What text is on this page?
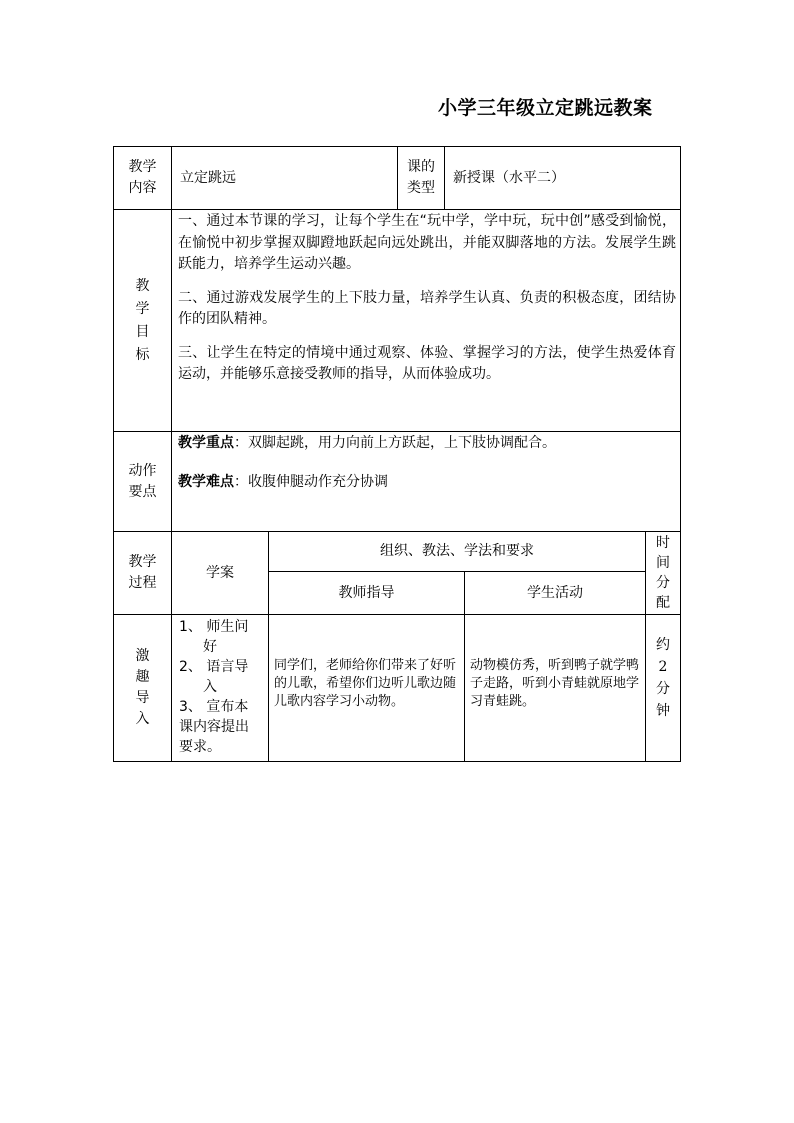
小学三年级立定跳远教案
教学
内容
立定跳远
课的
类型
新授课（水平二）
教
学
目
标

一、通过本节课的学习，让每个学生在“玩中学，学中玩，玩中创”感受到愉悦，在愉悦中初步掌握双脚蹬地跃起向远处跳出，并能双脚落地的方法。发展学生跳跃能力，培养学生运动兴趣。

二、通过游戏发展学生的上下肢力量，培养学生认真、负责的积极态度，团结协作的团队精神。

三、让学生在特定的情境中通过观察、体验、掌握学习的方法，使学生热爱体育运动，并能够乐意接受教师的指导，从而体验成功。

动作
要点
教学重点：双脚起跳，用力向前上方跃起，上下肢协调配合。
教学难点：收腹伸腿动作充分协调
教学
过程
学案
组织、教法、学法和要求
教师指导	学生活动
时
间
分
配
激
趣
导
入
1、 师生问
好
2、 语言导
入
3、 宣布本
课内容提出
要求。
同学们，老师给你们带来了好听的儿歌，希望你们边听儿歌边随儿歌内容学习小动物。
动物模仿秀，听到鸭子就学鸭子走路，听到小青蛙就原地学习青蛙跳。
约
2
分
钟
